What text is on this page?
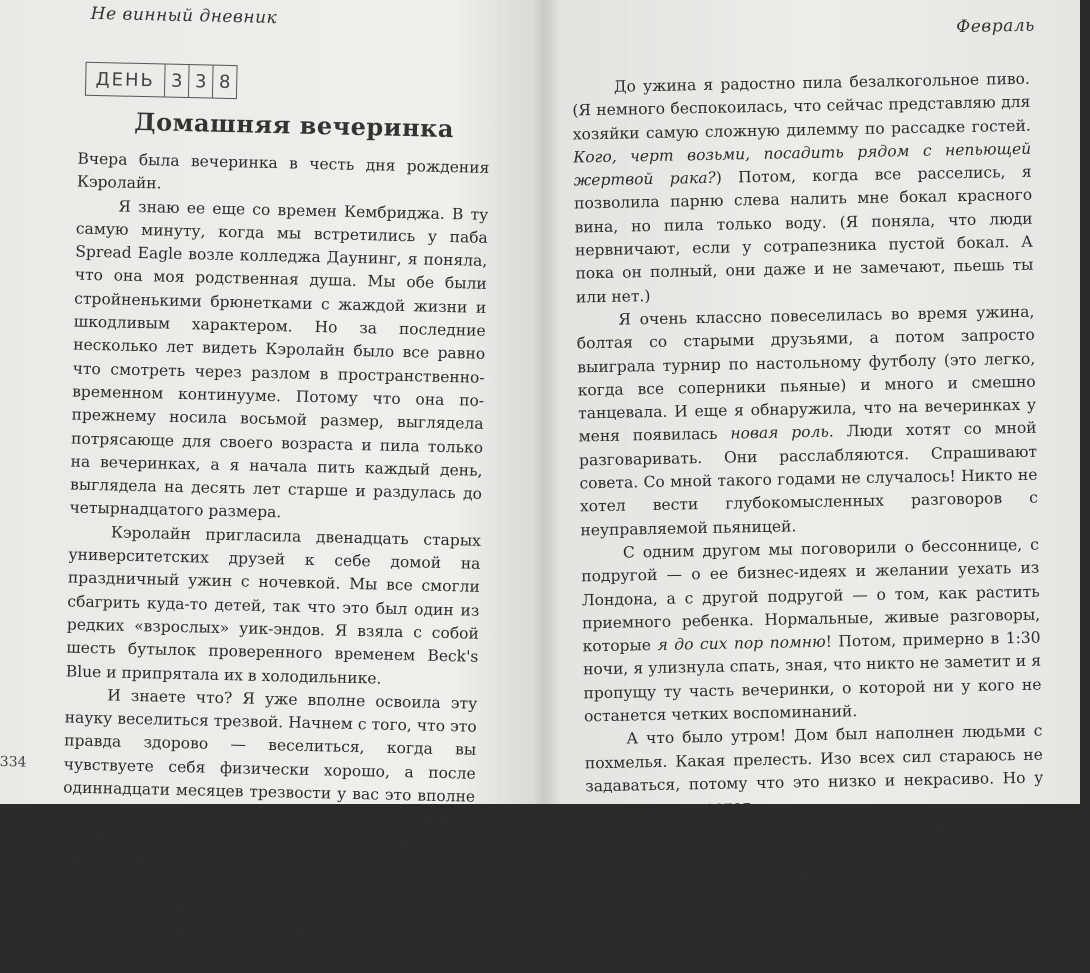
Не винный дневник
ДЕНЬ 3 3 8
Домашняя вечеринка

Вчера была вечеринка в честь дня рождения Кэролайн.

Я знаю ее еще со времен Кембриджа. В ту самую минуту, когда мы встретились у паба Spread Eagle возле колледжа Даунинг, я поняла, что она моя родственная душа. Мы обе были стройненькими брюнетками с жаждой жизни и шкодливым характером. Но за последние несколько лет видеть Кэролайн было все равно что смотреть через разлом в пространственно-временном континууме. Потому что она по-прежнему носила восьмой размер, выглядела потрясающе для своего возраста и пила только на вечеринках, а я начала пить каждый день, выглядела на десять лет старше и раздулась до четырнадцатого размера.

Кэролайн пригласила двенадцать старых университетских друзей к себе домой на праздничный ужин с ночевкой. Мы все смогли сбагрить куда-то детей, так что это был один из редких «взрослых» уик-эндов. Я взяла с собой шесть бутылок проверенного временем Beck's Blue и припрятала их в холодильнике.

И знаете что? Я уже вполне освоила эту науку веселиться трезвой. Начнем с того, что это правда здорово — веселиться, когда вы чувствуете себя физически хорошо, а после одиннадцати месяцев трезвости у вас это вполне получается. Я не чувствовала, что мне прямо «горячо», но «тепло» по крайней мере. Я надела красное кружевное платье, и, по словам Джона, все говорили, что я выгляжу супер (надо признать, они не видели меня с начала онкологических проблем, так что у них не было больших ожиданий).

334
Февраль

До ужина я радостно пила безалкогольное пиво. (Я немного беспокоилась, что сейчас представляю для хозяйки самую сложную дилемму по рассадке гостей. Кого, черт возьми, посадить рядом с непьющей жертвой рака?) Потом, когда все расселись, я позволила парню слева налить мне бокал красного вина, но пила только воду. (Я поняла, что люди нервничают, если у сотрапезника пустой бокал. А пока он полный, они даже и не замечают, пьешь ты или нет.)

Я очень классно повеселилась во время ужина, болтая со старыми друзьями, а потом запросто выиграла турнир по настольному футболу (это легко, когда все соперники пьяные) и много и смешно танцевала. И еще я обнаружила, что на вечеринках у меня появилась новая роль. Люди хотят со мной разговаривать. Они расслабляются. Спрашивают совета. Со мной такого годами не случалось! Никто не хотел вести глубокомысленных разговоров с неуправляемой пьяницей.

С одним другом мы поговорили о бессоннице, с подругой — о ее бизнес-идеях и желании уехать из Лондона, а с другой подругой — о том, как растить приемного ребенка. Нормальные, живые разговоры, которые я до сих пор помню! Потом, примерно в 1:30 ночи, я улизнула спать, зная, что никто не заметит и я пропущу ту часть вечеринки, о которой ни у кого не останется четких воспоминаний.

А что было утром! Дом был наполнен людьми с похмелья. Какая прелесть. Изо всех сил стараюсь не задаваться, потому что это низко и некрасиво. Но у меня не получается.

Мы собираемся уезжать, Кэролайн обнимает меня и говорит:

— Я ужасно себя чувствую. Наверное, я присоединюсь к тебе и тоже брошу пить.
